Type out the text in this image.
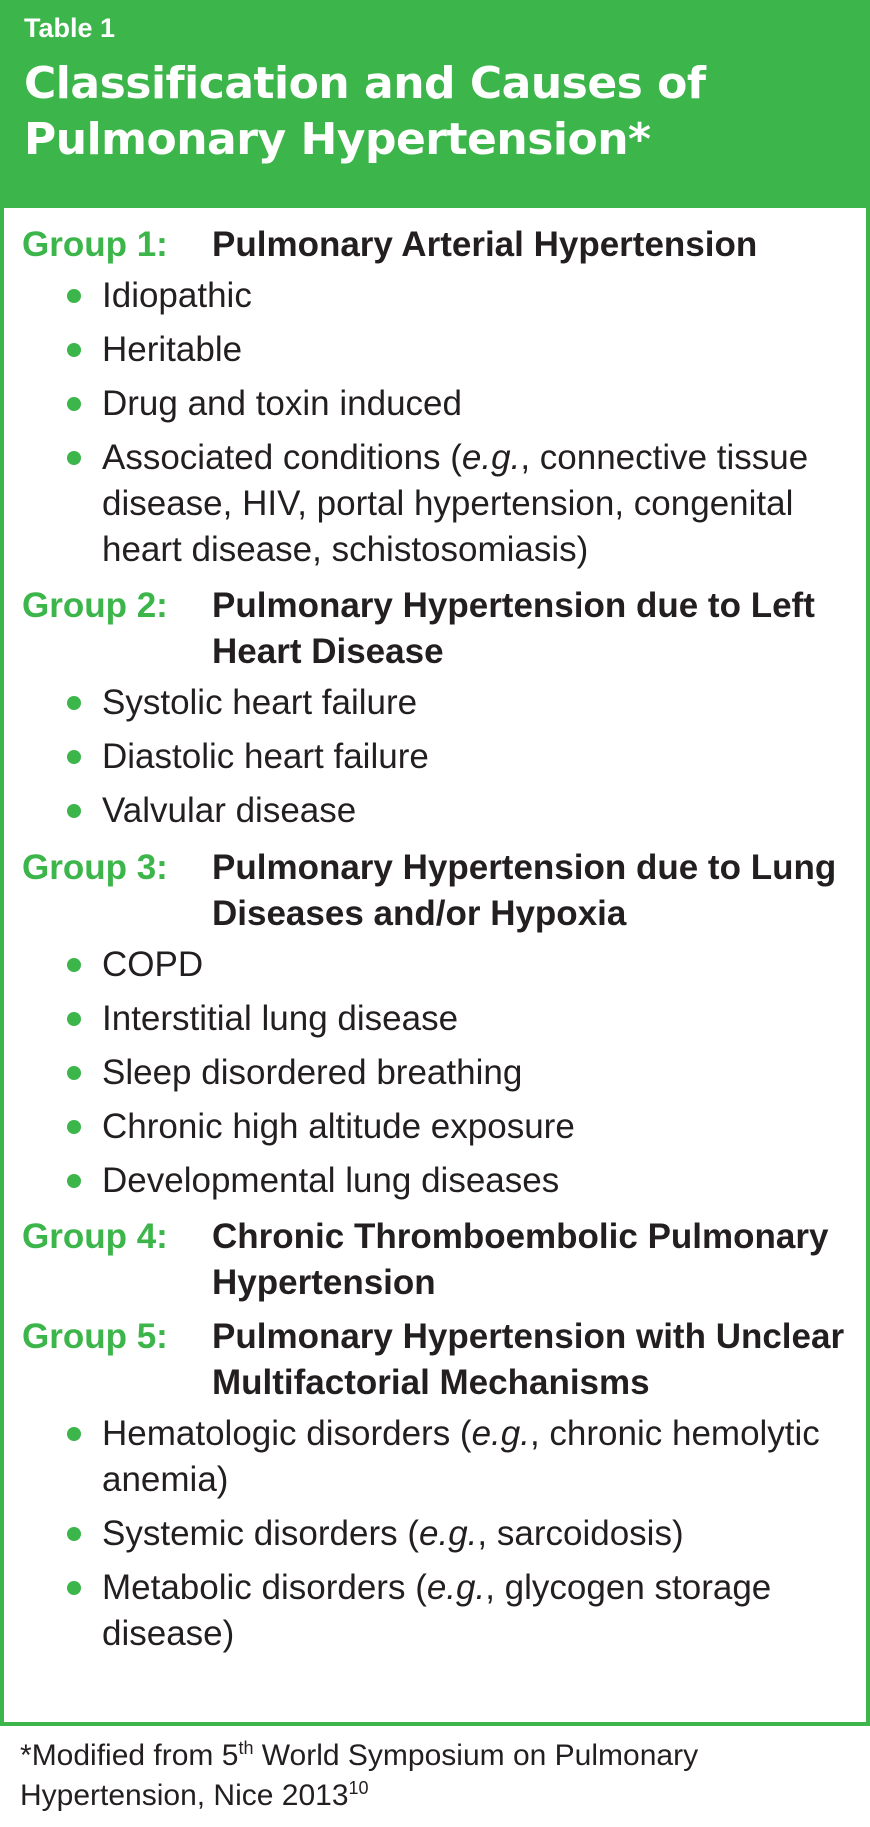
Table 1
Classification and Causes of Pulmonary Hypertension*
Group 1: Pulmonary Arterial Hypertension
Idiopathic
Heritable
Drug and toxin induced
Associated conditions (e.g., connective tissue disease, HIV, portal hypertension, congenital heart disease, schistosomiasis)
Group 2: Pulmonary Hypertension due to Left Heart Disease
Systolic heart failure
Diastolic heart failure
Valvular disease
Group 3: Pulmonary Hypertension due to Lung Diseases and/or Hypoxia
COPD
Interstitial lung disease
Sleep disordered breathing
Chronic high altitude exposure
Developmental lung diseases
Group 4: Chronic Thromboembolic Pulmonary Hypertension
Group 5: Pulmonary Hypertension with Unclear Multifactorial Mechanisms
Hematologic disorders (e.g., chronic hemolytic anemia)
Systemic disorders (e.g., sarcoidosis)
Metabolic disorders (e.g., glycogen storage disease)
*Modified from 5th World Symposium on Pulmonary Hypertension, Nice 2013$^{10}$
